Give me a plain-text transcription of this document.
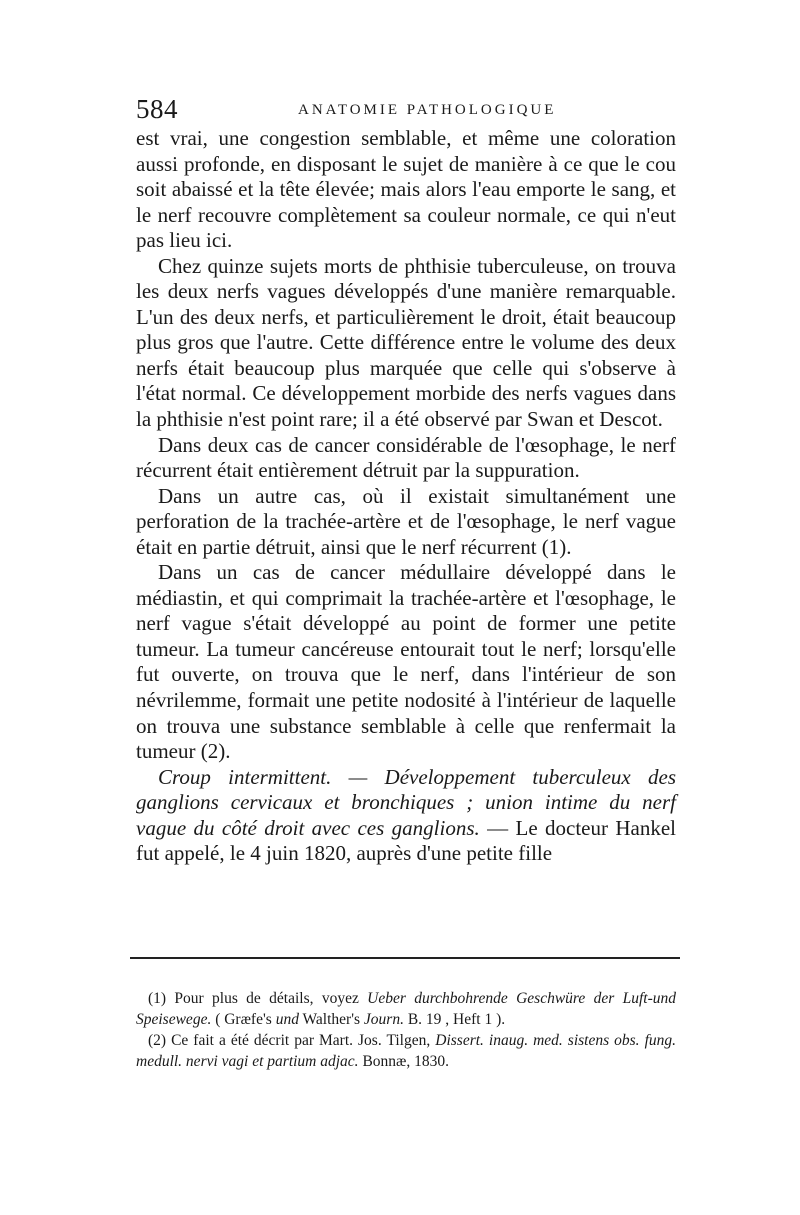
584	ANATOMIE PATHOLOGIQUE

est vrai, une congestion semblable, et même une coloration aussi profonde, en disposant le sujet de manière à ce que le cou soit abaissé et la tête élevée; mais alors l'eau emporte le sang, et le nerf recouvre complètement sa couleur normale, ce qui n'eut pas lieu ici.

Chez quinze sujets morts de phthisie tuberculeuse, on trouva les deux nerfs vagues développés d'une manière remarquable. L'un des deux nerfs, et particulièrement le droit, était beaucoup plus gros que l'autre. Cette différence entre le volume des deux nerfs était beaucoup plus marquée que celle qui s'observe à l'état normal. Ce développement morbide des nerfs vagues dans la phthisie n'est point rare; il a été observé par Swan et Descot.

Dans deux cas de cancer considérable de l'œsophage, le nerf récurrent était entièrement détruit par la suppuration.

Dans un autre cas, où il existait simultanément une perforation de la trachée-artère et de l'œsophage, le nerf vague était en partie détruit, ainsi que le nerf récurrent (1).

Dans un cas de cancer médullaire développé dans le médiastin, et qui comprimait la trachée-artère et l'œsophage, le nerf vague s'était développé au point de former une petite tumeur. La tumeur cancéreuse entourait tout le nerf; lorsqu'elle fut ouverte, on trouva que le nerf, dans l'intérieur de son névrilemme, formait une petite nodosité à l'intérieur de laquelle on trouva une substance semblable à celle que renfermait la tumeur (2).

Croup intermittent. — Développement tuberculeux des ganglions cervicaux et bronchiques ; union intime du nerf vague du côté droit avec ces ganglions. — Le docteur Hankel fut appelé, le 4 juin 1820, auprès d'une petite fille

(1) Pour plus de détails, voyez Ueber durchbohrende Geschwüre der Luft-und Speisewege. ( Græfe's und Walther's Journ. B. 19 , Heft 1 ).

(2) Ce fait a été décrit par Mart. Jos. Tilgen, Dissert. inaug. med. sistens obs. fung. medull. nervi vagi et partium adjac. Bonnæ, 1830.
